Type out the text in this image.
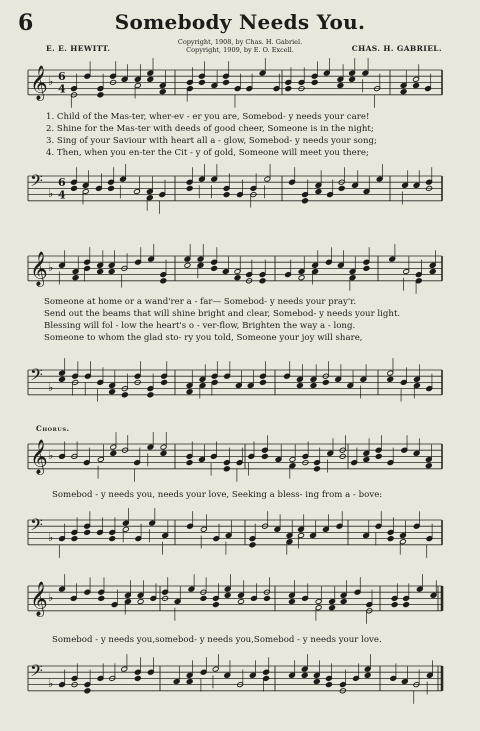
6	Somebody Needs You.
E. E. HEWITT.
Copyright, 1908, by Chas. H. Gabriel.
Copyright, 1909, by E. O. Excell.	CHAS. H. GABRIEL.
𝄞 ♭ 6
4
1. Child of the Mas-ter, wher-ev - er you are, Somebod- y needs your care!
2. Shine for the Mas-ter with deeds of good cheer, Someone is in the night;
3. Sing of your Saviour with heart all a - glow, Somebod- y needs your song;
4. Then, when you en-ter the Cit - y of gold, Someone will meet you there;
𝄢 ♭
6
4
𝄞 ♭
Someone at home or a wand'rer a - far— Somebod- y needs your pray'r.
Send out the beams that will shine bright and clear, Somebod- y needs your light.
Blessing will fol - low the heart's o - ver-flow, Brighten the way a - long.
Someone to whom the glad sto- ry you told, Someone your joy will share,
𝄢 ♭
Chorus.
𝄞 ♭
Somebod - y needs you, needs your love, Seeking a bless- ing from a - bove:
𝄢 ♭
𝄞 ♭
Somebod - y needs you,somebod- y needs you,Somebod - y needs your love.
𝄢 ♭
